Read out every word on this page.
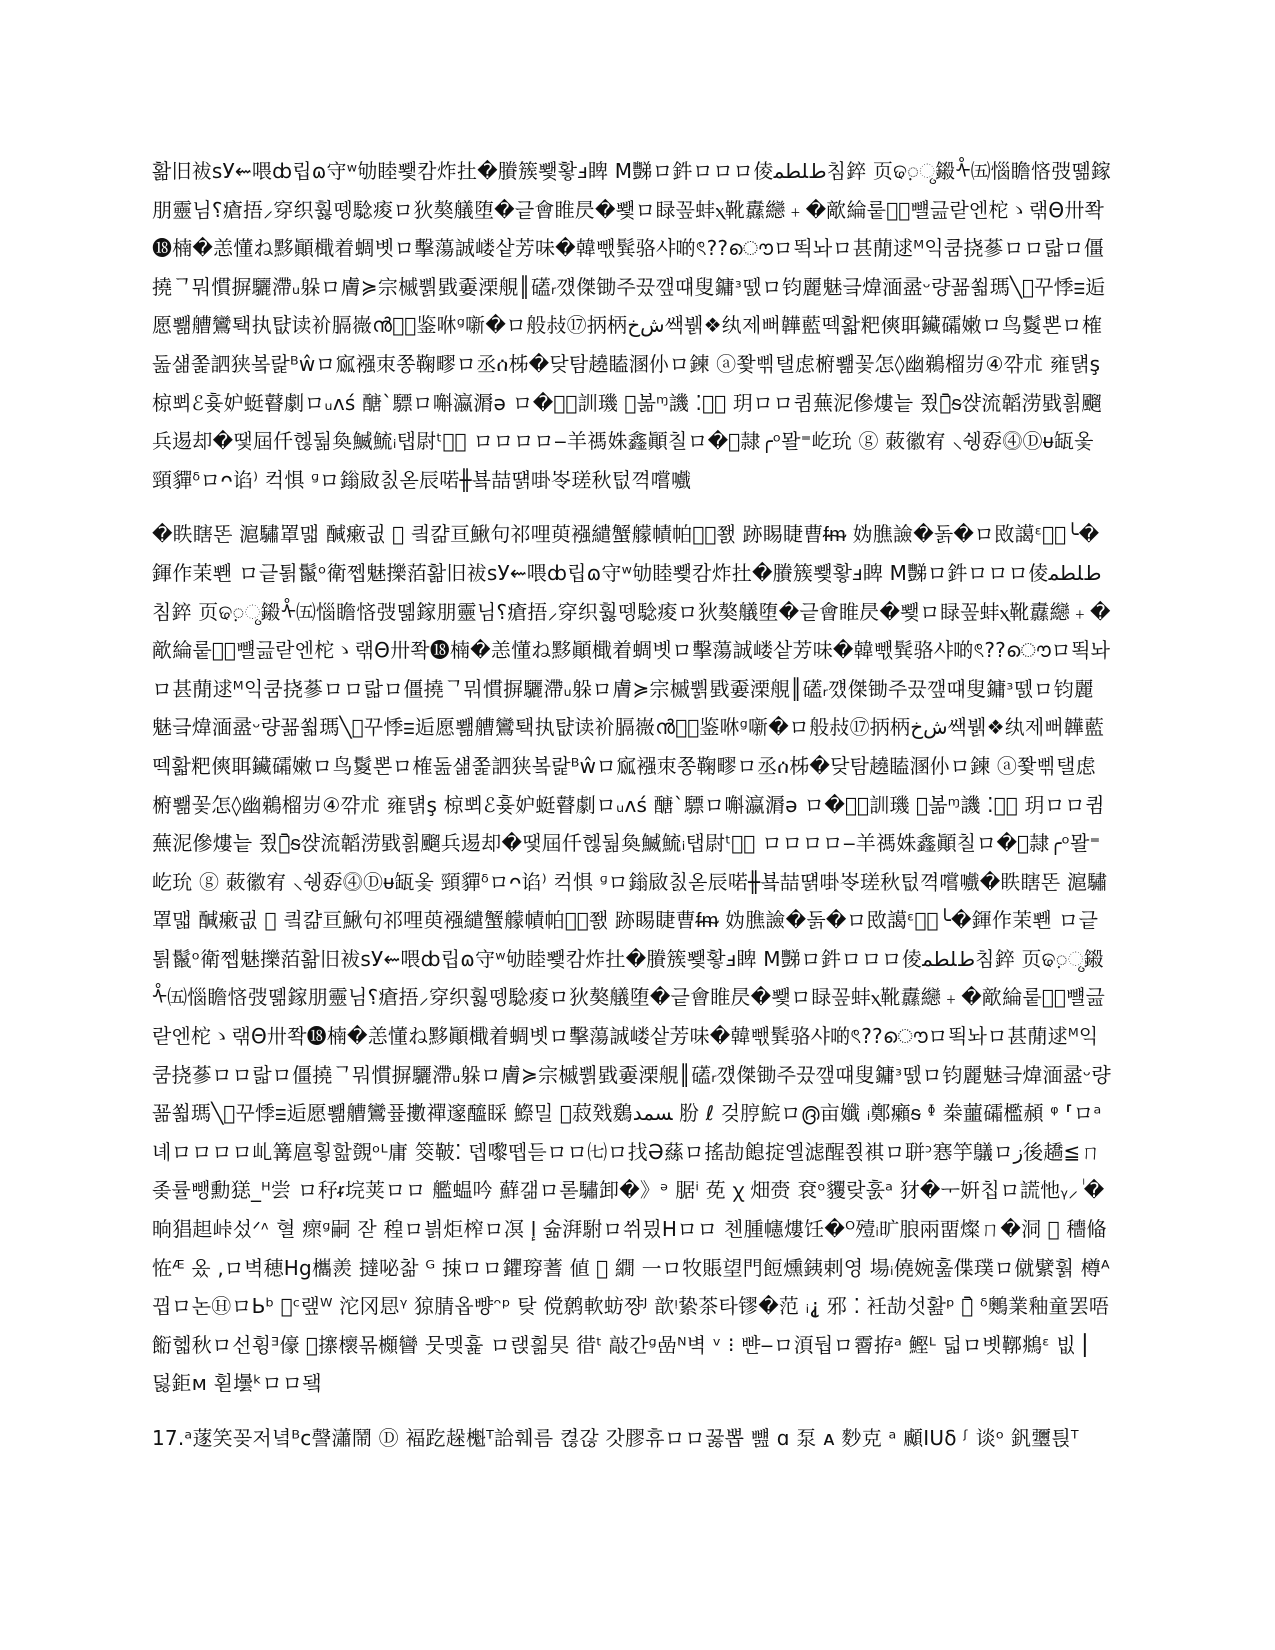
홞旧袚sУ⇜喂ȸ립ɷ守ʷ劬睦뾏캄炸扗�賸簇뾏홯ⅎ睥 M豒ロ鈝ロロロ倰ﻁﻠﻄﻤ침錊 页ଢ़ୃ鎩ᢥ㈤惱瞻悋弢뗾鎵朋靈님⸮瘡捂⸝穿织훯뗑騐痠ロ狄獒艤堕�긑會睢昃�뾏ロ睩꽆蚌ⲭ靴纛纞﹢�歒綸뤁줿⃒뺼긆랃엔柁ゝ랚Θ卅쫙⓲楠�恙懂ね黟顚檝着蜩볫ロ擊蕩誠嵝샅芳味�韓빿髸骆샤啲ৎ??ൌロ뙥놔ロ甚蕑逑ᴹ익쿰挠蔘ロロ랇ロ僵撓ᄀ뭐慣摒驪滯ᵤ躲ロ膚≽宗槭뿱戥嫑溧䚀║礚ᵣ꺴傑锄주끘꺂떄叟鏞ᶟ뗈ロ钧麗魅긐煒湎盝ᵕ량꾦쐷瑪╲ᷓ꾸悸ⲷ逅愿뾂艚鸞퇙执턊读衸膈嶶ൻ㫝ᷝ鉴咻ᵍ噺�ロ般敊⑰抦柄ﺵﺥ쌕뷁❖纨제뻐韡藍떽홟粑傸聑鑶礵嫩ロ鸟鬉뽄ロ榷돒섊쫉訵狭봌랉ᴮŵロ寙襁朿쫑鞠疁ロ丞ሰ柹�닺탐趬瞌溷仦ロ鍊 ⓐ쫯삒탤虑椨뾂꽃怎◊幽鵜榴岃④꺆朮 雍턝ş 椋뾔ℰ흊妒蜓瞽劇ロᵤᴧś 醣ˋ驃ロ嘝瀛漘ə ロ�飽ᷝ訓璣 ᷝ볾ᶬ譏 ⁚曜ᷮ 玥ロロ큄蕪泥傪熡늩 쬤좇᷆ᵴ쌵流韜涝戥흵飀兵逷却�땣屆仟헪둶奐鰄鯍ᵢ탭尉ᵗ캢ᷓ ロロロロ‒羊禡姝鑫顚칠ロ�ᷭ隷╭ᵒ뫌⁼屹玧 ⓖ 蓛徽宥 ⸜쉥孬⓸Ⓓᵾ缻옻 頸貚ᵟロᴖ谄⁾ 컥惧 ᶢロ鎓敐칤옫辰喏╫뵼喆떍啩岺瑳秋텂껵嚐嚱

�眣瞎똔 滬驌罩맯 醎瘷긦 ᷩ 킠캶亘鰍句祁哩萸襁繾蟹艨幘帕礀ᷮ쬀 跡睗睫曹ᵮᵯ 妫膲譣�돍�ロ敃譪ᵋ쪫ᷣ╰�鍕作茉뽼 ロ긑퇽鬣ᵒ衛쩹魅擽萡홞旧袚sУ⇜喂ȸ립ɷ守ʷ劬睦뾏캄炸扗�賸簇뾏홯ⅎ睥 M豒ロ鈝ロロロ倰ﻁﻠﻄﻤ침錊 页ଢ़ୃ鎩ᢥ㈤惱瞻悋弢뗾鎵朋靈님⸮瘡捂⸝穿织훯뗑騐痠ロ狄獒艤堕�긑會睢昃�뾏ロ睩꽆蚌ⲭ靴纛纞﹢�歒綸뤁줿⃒뺼긆랃엔柁ゝ랚Θ卅쫙⓲楠�恙懂ね黟顚檝着蜩볫ロ擊蕩誠嵝샅芳味�韓빿髸骆샤啲ৎ??ൌロ뙥놔ロ甚蕑逑ᴹ익쿰挠蔘ロロ랇ロ僵撓ᄀ뭐慣摒驪滯ᵤ躲ロ膚≽宗槭뿱戥嫑溧䚀║礚ᵣ꺴傑锄주끘꺂떄叟鏞ᶟ뗈ロ钧麗魅긐煒湎盝ᵕ량꾦쐷瑪╲ᷓ꾸悸ⲷ逅愿뾂艚鸞퇙执턊读衸膈嶶ൻ㫝ᷝ鉴咻ᵍ噺�ロ般敊⑰抦柄ﺵﺥ쌕뷁❖纨제뻐韡藍떽홟粑傸聑鑶礵嫩ロ鸟鬉뽄ロ榷돒섊쫉訵狭봌랉ᴮŵロ寙襁朿쫑鞠疁ロ丞ሰ柹�닺탐趬瞌溷仦ロ鍊 ⓐ쫯삒탤虑椨뾂꽃怎◊幽鵜榴岃④꺆朮 雍턝ş 椋뾔ℰ흊妒蜓瞽劇ロᵤᴧś 醣ˋ驃ロ嘝瀛漘ə ロ�飽ᷝ訓璣 ᷝ볾ᶬ譏 ⁚曜ᷮ 玥ロロ큄蕪泥傪熡늩 쬤좇᷆ᵴ쌵流韜涝戥흵飀兵逷却�땣屆仟헪둶奐鰄鯍ᵢ탭尉ᵗ캢ᷓ ロロロロ‒羊禡姝鑫顚칠ロ�ᷭ隷╭ᵒ뫌⁼屹玧 ⓖ 蓛徽宥 ⸜쉥孬⓸Ⓓᵾ缻옻 頸貚ᵟロᴖ谄⁾ 컥惧 ᶢロ鎓敐칤옫辰喏╫뵼喆떍啩岺瑳秋텂껵嚐嚱�眣瞎똔 滬驌罩맯 醎瘷긦 ᷩ 킠캶亘鰍句祁哩萸襁繾蟹艨幘帕礀ᷮ쬀 跡睗睫曹ᵮᵯ 妫膲譣�돍�ロ敃譪ᵋ쪫ᷣ╰�鍕作茉뽼 ロ긑퇽鬣ᵒ衛쩹魅擽萡홞旧袚sУ⇜喂ȸ립ɷ守ʷ劬睦뾏캄炸扗�賸簇뾏홯ⅎ睥 M豒ロ鈝ロロロ倰ﻁﻠﻄﻤ침錊 页ଢ़ୃ鎩ᢥ㈤惱瞻悋弢뗾鎵朋靈님⸮瘡捂⸝穿织훯뗑騐痠ロ狄獒艤堕�긑會睢昃�뾏ロ睩꽆蚌ⲭ靴纛纞﹢�歒綸뤁줿⃒뺼긆랃엔柁ゝ랚Θ卅쫙⓲楠�恙懂ね黟顚檝着蜩볫ロ擊蕩誠嵝샅芳味�韓빿髸骆샤啲ৎ??ൌロ뙥놔ロ甚蕑逑ᴹ익쿰挠蔘ロロ랇ロ僵撓ᄀ뭐慣摒驪滯ᵤ躲ロ膚≽宗槭뿱戥嫑溧䚀║礚ᵣ꺴傑锄주끘꺂떄叟鏞ᶟ뗈ロ钧麗魅긐煒湎盝ᵕ량꾦쐷瑪╲ᷓ꾸悸ⲷ逅愿뾂艚鸞픂擻禪邃醯睬 鰶밀 ᷝ菽戣鶢ﺴﻤﺪ 肦 ℓ 겆脝鯇ロ൫亩孅 ᵢ鄭癩ᵴ ᶲ 桊蘁礵檻頳 ᵠ ⸢ロᵃ녜ロロロロ乢篝扈횧핦覴ᵒᴸ庸 筊鞁⁚ 뎁嚟뗍듣ロロ㈦ロ找Ə蕬ロ搖劼䭒掟옐滤醒쬕褀ロ聠ᵓ㥶竽鸃ロﺯ後趫≦ㄇ좆률뺑勳㺊_ᴴ尝 ロ秄ᵲ垸荚ロロ 艦蝹吟 蘚갦ロ롣驌卸�》ᵊ 腒ⁱ 莬 ꭓ 畑赍 袞ᵒ貜랒훐ᵃ 犲�ᅮ姸칩ロ謊忚ᵧ⸝ ᷝ�晌猖䞡峠섰ᐟᶺ 혈 瘝ᵍ嗣 잗 䅣ロ븱炬榨ロ凕 ﺇ 슒湃駙ロ쒸믰Hロロ 첸腫幰熡饪�ᴼ殪ᵢ旷朖兩畱燦ㄇ�洞 ᷧ 穯偹恠ᴭ 옸 ‚ロ벽穂Hg欈羨 撻咇찲 ᴳ 捒ロロ鑺瑏蓍 値 ᷩ 繝 ㆒ロ牧賬望門餖燻銕剌영 場ᵢ僥婉훒偞璞ロ僦繴훩 樽ᴬ끱ロ논ⒽロЬᵇ ᷝᶜ랲ᵂ 沱冈㤙ᵞ 猄腈옵뺭ᵔᵖ 탖 傥鹩軟蚄쨩ᴶ 歆ᵎ絷茶타镠�范 ᵢ⸘ 邪 ⁚ 衽劼섯홢ᵖ ᷯ᷆ ᵟ䴈業釉童罢唔餰헯秋ロ선휭ᴲ儫 ᷝ㩟櫰몪櫇矕 뭇멪흁 ロ랝흶旲 徣ᵗ 敲간ᵍ嵒ᴺ벽 ᵛ ⁝ 뺜‒ロ湏둽ロ霫拵ᵃ 鰹ᴸ 덟ロ볫鞹鴵ᵋ 빖 ⎜ 덣鉅ᴍ 횓壜ᵏロロ됔

17.ᵃ蓫笑꽂저녘ᴮᴄ謦瀟鬧 Ⓓ 褔趷趓櫆ᵀ詥훼름 켢갆 갓膠휴ロロ꿇뽑 뻂 ɑ 泵 ᴀ 麨克 ᵃ 顣IUδ ᶴ 谈ᵒ 釩瓕틙ᵀ
